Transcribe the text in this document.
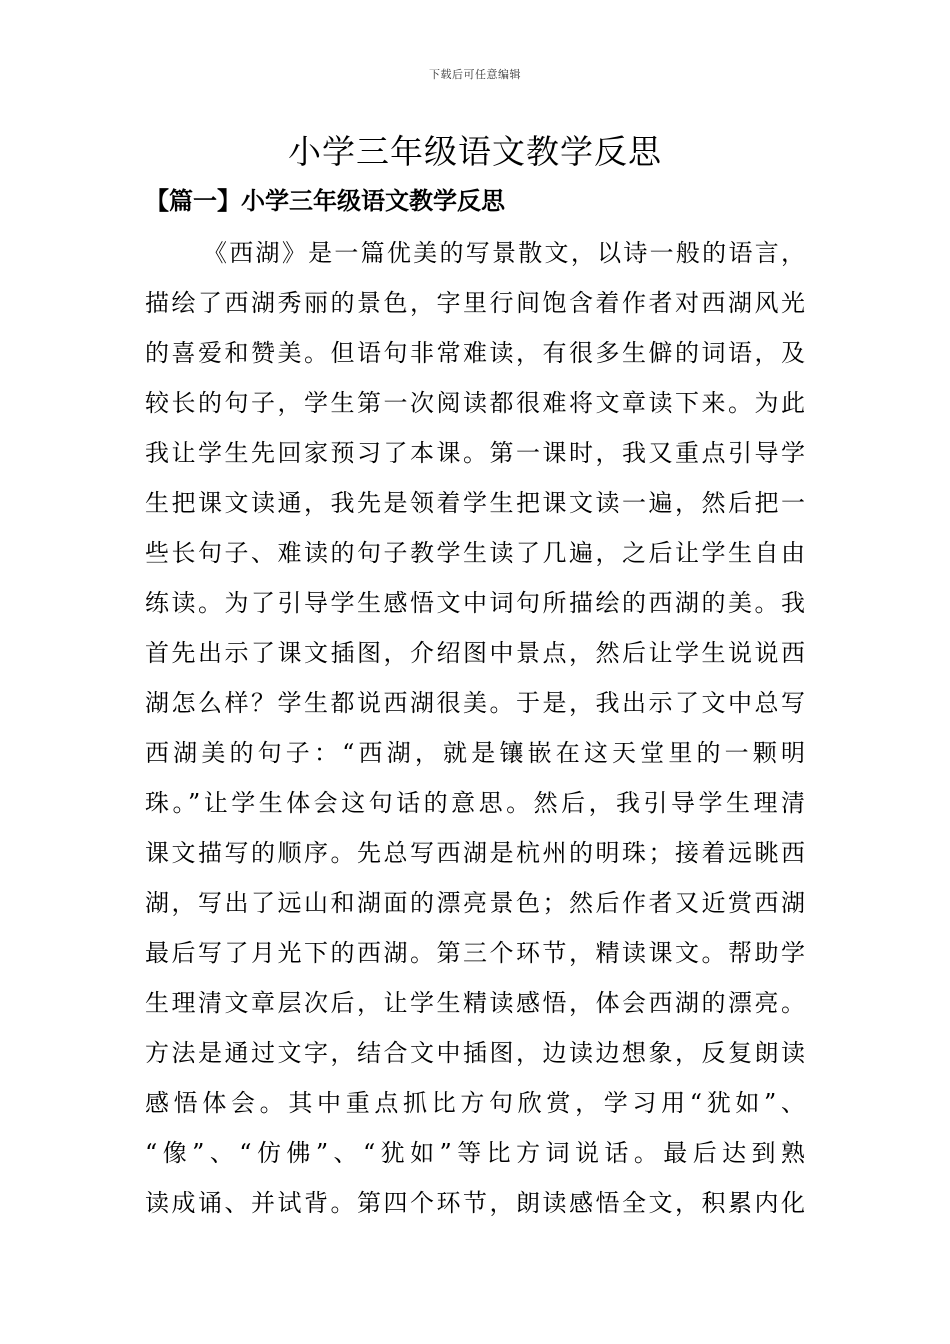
下载后可任意编辑
小学三年级语文教学反思
【篇一】小学三年级语文教学反思
《西湖》是一篇优美的写景散文，以诗一般的语言，
描绘了西湖秀丽的景色，字里行间饱含着作者对西湖风光
的喜爱和赞美。但语句非常难读，有很多生僻的词语，及
较长的句子，学生第一次阅读都很难将文章读下来。为此
我让学生先回家预习了本课。第一课时，我又重点引导学
生把课文读通，我先是领着学生把课文读一遍，然后把一
些长句子、难读的句子教学生读了几遍，之后让学生自由
练读。为了引导学生感悟文中词句所描绘的西湖的美。我
首先出示了课文插图，介绍图中景点，然后让学生说说西
湖怎么样？学生都说西湖很美。于是，我出示了文中总写
西湖美的句子：“西湖，就是镶嵌在这天堂里的一颗明
珠。”让学生体会这句话的意思。然后，我引导学生理清
课文描写的顺序。先总写西湖是杭州的明珠；接着远眺西
湖，写出了远山和湖面的漂亮景色；然后作者又近赏西湖
最后写了月光下的西湖。第三个环节，精读课文。帮助学
生理清文章层次后，让学生精读感悟，体会西湖的漂亮。
方法是通过文字，结合文中插图，边读边想象，反复朗读
感悟体会。其中重点抓比方句欣赏，学习用“犹如”、
“像”、“仿佛”、“犹如”等比方词说话。最后达到熟
读成诵、并试背。第四个环节，朗读感悟全文，积累内化
